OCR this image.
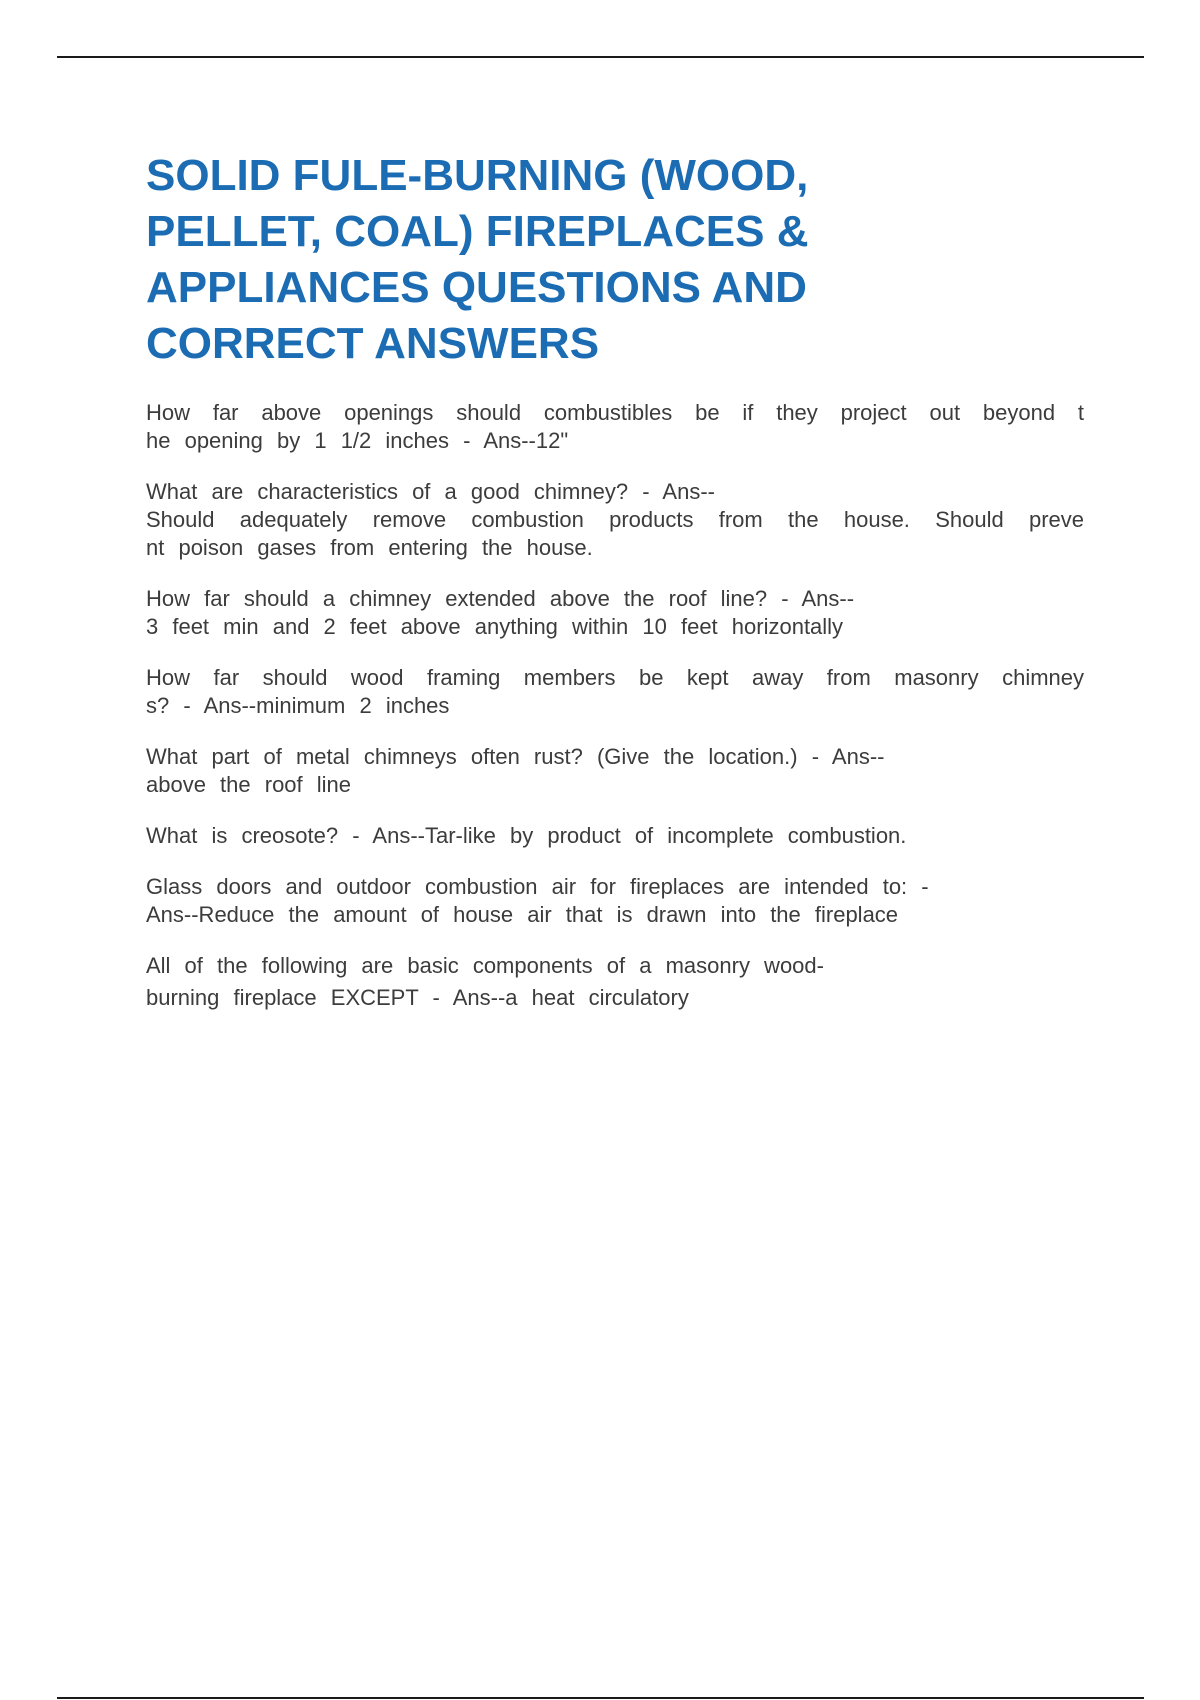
SOLID FULE-BURNING (WOOD, PELLET, COAL) FIREPLACES & APPLIANCES QUESTIONS AND CORRECT ANSWERS
How far above openings should combustibles be if they project out beyond t
he opening by 1 1/2 inches - Ans--12"
What are characteristics of a good chimney? - Ans--
Should adequately remove combustion products from the house. Should preve
nt poison gases from entering the house.
How far should a chimney extended above the roof line? - Ans--
3 feet min and 2 feet above anything within 10 feet horizontally
How far should wood framing members be kept away from masonry chimney
s? - Ans--minimum 2 inches
What part of metal chimneys often rust? (Give the location.) - Ans--
above the roof line
What is creosote? - Ans--Tar-like by product of incomplete combustion.
Glass doors and outdoor combustion air for fireplaces are intended to: -
Ans--Reduce the amount of house air that is drawn into the fireplace
All of the following are basic components of a masonry wood-
burning fireplace EXCEPT - Ans--a heat circulatory
